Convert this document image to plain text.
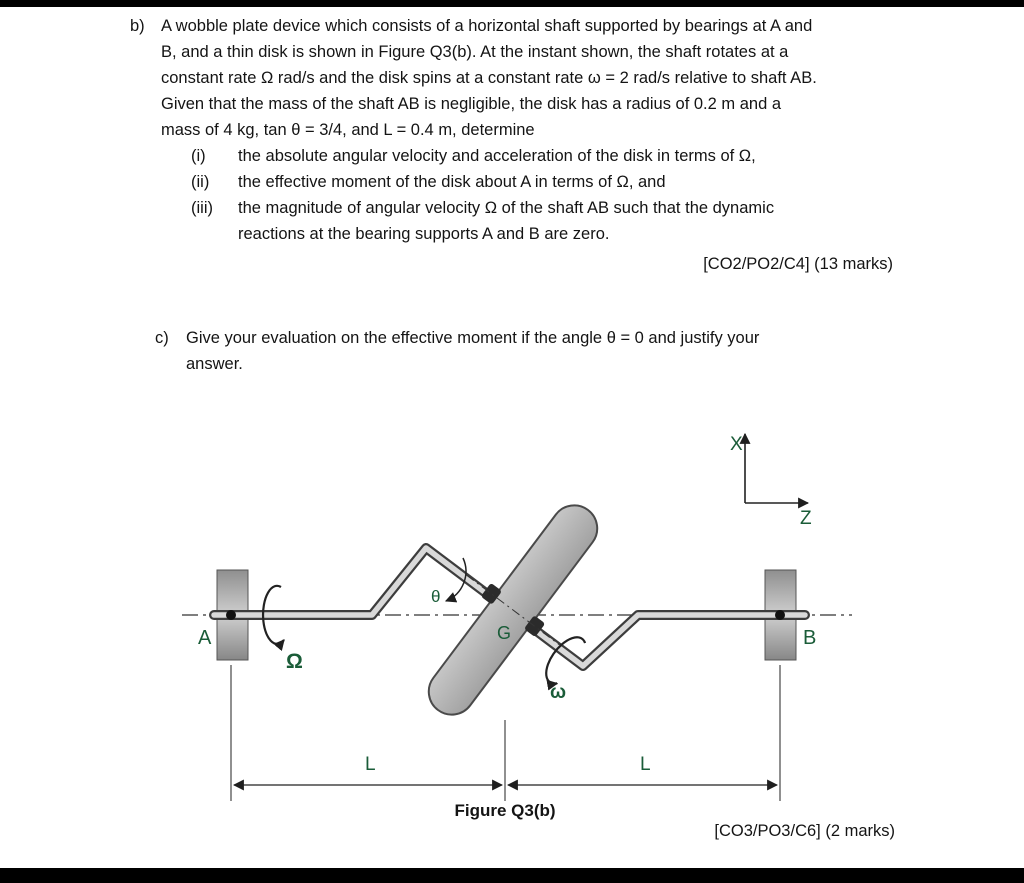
b) A wobble plate device which consists of a horizontal shaft supported by bearings at A and
B, and a thin disk is shown in Figure Q3(b). At the instant shown, the shaft rotates at a
constant rate Ω rad/s and the disk spins at a constant rate ω = 2 rad/s relative to shaft AB.
Given that the mass of the shaft AB is negligible, the disk has a radius of 0.2 m and a
mass of 4 kg, tan θ = 3/4, and L = 0.4 m, determine
(i)	the absolute angular velocity and acceleration of the disk in terms of Ω,
(ii)	the effective moment of the disk about A in terms of Ω, and
(iii)	the magnitude of angular velocity Ω of the shaft AB such that the dynamic
reactions at the bearing supports A and B are zero.
[CO2/PO2/C4] (13 marks)
c)	Give your evaluation on the effective moment if the angle θ = 0 and justify your
answer.
X
Z
A	B
Ω
θ
G
ω
L	L
Figure Q3(b)
[CO3/PO3/C6] (2 marks)
